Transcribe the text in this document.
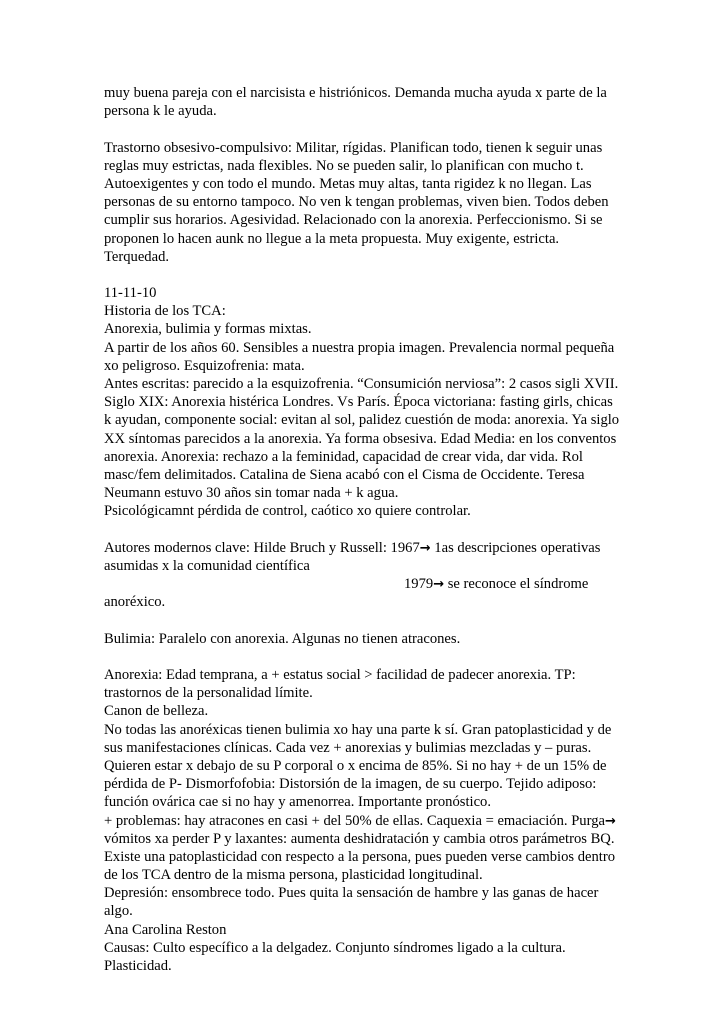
muy buena pareja con el narcisista e histriónicos. Demanda mucha ayuda x parte de la
persona k le ayuda.
Trastorno obsesivo-compulsivo: Militar, rígidas. Planifican todo, tienen k seguir unas
reglas muy estrictas, nada flexibles. No se pueden salir, lo planifican con mucho t.
Autoexigentes y con todo el mundo. Metas muy altas, tanta rigidez k no llegan. Las
personas de su entorno tampoco. No ven k tengan problemas, viven bien. Todos deben
cumplir sus horarios. Agesividad. Relacionado con la anorexia. Perfeccionismo. Si se
proponen lo hacen aunk no llegue a la meta propuesta. Muy exigente, estricta.
Terquedad.
11-11-10
Historia de los TCA:
Anorexia, bulimia y formas mixtas.
A partir de los años 60. Sensibles a nuestra propia imagen. Prevalencia normal pequeña
xo peligroso. Esquizofrenia: mata.
Antes escritas: parecido a la esquizofrenia. “Consumición nerviosa”: 2 casos sigli XVII.
Siglo XIX: Anorexia histérica Londres. Vs París. Época victoriana: fasting girls, chicas
k ayudan, componente social: evitan al sol, palidez cuestión de moda: anorexia. Ya siglo
XX síntomas parecidos a la anorexia. Ya forma obsesiva. Edad Media: en los conventos
anorexia. Anorexia: rechazo a la feminidad, capacidad de crear vida, dar vida. Rol
masc/fem delimitados. Catalina de Siena acabó con el Cisma de Occidente. Teresa
Neumann estuvo 30 años sin tomar nada + k agua.
Psicológicamnt pérdida de control, caótico xo quiere controlar.
Autores modernos clave: Hilde Bruch y Russell: 1967→ 1as descripciones operativas
asumidas x la comunidad científica
1979→ se reconoce el síndrome
anoréxico.
Bulimia: Paralelo con anorexia. Algunas no tienen atracones.
Anorexia: Edad temprana, a + estatus social > facilidad de padecer anorexia. TP:
trastornos de la personalidad límite.
Canon de belleza.
No todas las anoréxicas tienen bulimia xo hay una parte k sí. Gran patoplasticidad y de
sus manifestaciones clínicas. Cada vez + anorexias y bulimias mezcladas y – puras.
Quieren estar x debajo de su P corporal o x encima de 85%. Si no hay + de un 15% de
pérdida de P- Dismorfofobia: Distorsión de la imagen, de su cuerpo. Tejido adiposo:
función ovárica cae si no hay y amenorrea. Importante pronóstico.
+ problemas: hay atracones en casi + del 50% de ellas. Caquexia = emaciación. Purga→
vómitos xa perder P y laxantes: aumenta deshidratación y cambia otros parámetros BQ.
Existe una patoplasticidad con respecto a la persona, pues pueden verse cambios dentro
de los TCA dentro de la misma persona, plasticidad longitudinal.
Depresión: ensombrece todo. Pues quita la sensación de hambre y las ganas de hacer
algo.
Ana Carolina Reston
Causas: Culto específico a la delgadez. Conjunto síndromes ligado a la cultura.
Plasticidad.
